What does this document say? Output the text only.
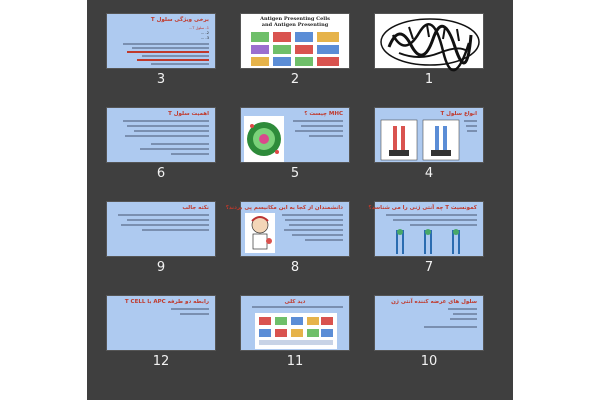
برخی ویژگی سلول T
1- سلول T...
2- ...
3- ...
3
Antigen Presenting Cells and Antigen Presenting
2	1
اهمیت سلول T
6
MHC چیست ؟
5
انواع سلول T
4
نکته جالب
9
دانشمندان از کجا به این مکانیسم پی بردند؟
8
کمونسیت T چه آنتی ژنی را می شناسد؟
7
رابطه دو طرفه APC با T CELL
12
دید کلی
11
سلول های عرضه کننده آنتی ژن
10
